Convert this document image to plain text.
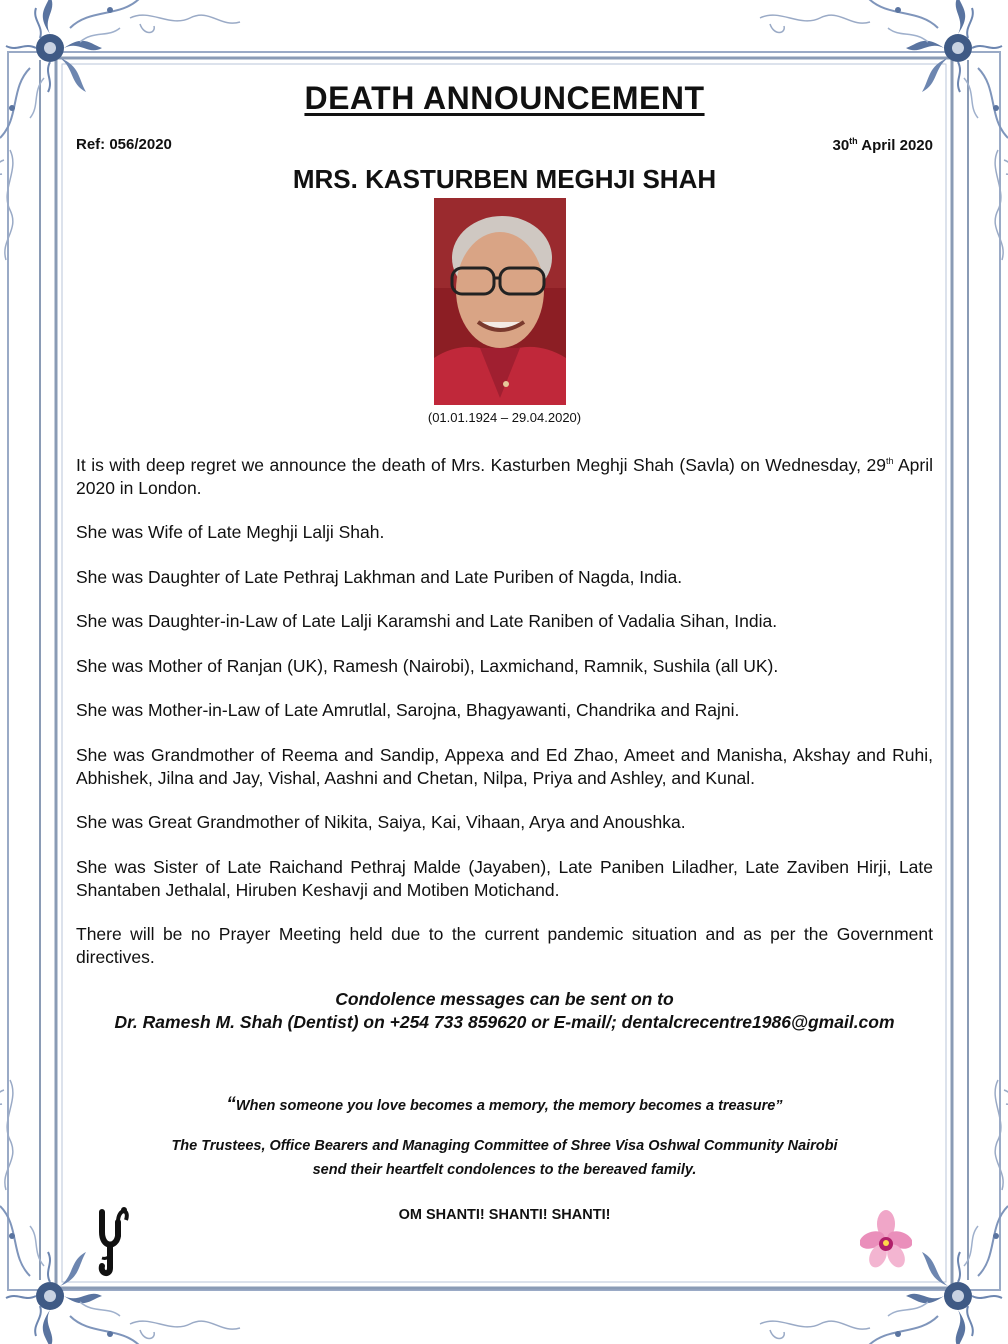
DEATH ANNOUNCEMENT
Ref: 056/2020	30th April 2020
MRS. KASTURBEN MEGHJI SHAH
(01.01.1924 – 29.04.2020)

It is with deep regret we announce the death of Mrs. Kasturben Meghji Shah (Savla) on Wednesday, 29th April 2020 in London.

She was Wife of Late Meghji Lalji Shah.

She was Daughter of Late Pethraj Lakhman and Late Puriben of Nagda, India.

She was Daughter-in-Law of Late Lalji Karamshi and Late Raniben of Vadalia Sihan, India.

She was Mother of Ranjan (UK), Ramesh (Nairobi), Laxmichand, Ramnik, Sushila (all UK).

She was Mother-in-Law of Late Amrutlal, Sarojna, Bhagyawanti, Chandrika and Rajni.

She was Grandmother of Reema and Sandip, Appexa and Ed Zhao, Ameet and Manisha, Akshay and Ruhi, Abhishek, Jilna and Jay, Vishal, Aashni and Chetan, Nilpa, Priya and Ashley, and Kunal.

She was Great Grandmother of Nikita, Saiya, Kai, Vihaan, Arya and Anoushka.

She was Sister of Late Raichand Pethraj Malde (Jayaben), Late Paniben Liladher, Late Zaviben Hirji, Late Shantaben Jethalal, Hiruben Keshavji and Motiben Motichand.

There will be no Prayer Meeting held due to the current pandemic situation and as per the Government directives.

Condolence messages can be sent on to
Dr. Ramesh M. Shah (Dentist) on +254 733 859620 or E-mail/; dentalcrecentre1986@gmail.com
“When someone you love becomes a memory, the memory becomes a treasure”
The Trustees, Office Bearers and Managing Committee of Shree Visa Oshwal Community Nairobi
send their heartfelt condolences to the bereaved family.
OM SHANTI! SHANTI! SHANTI!
